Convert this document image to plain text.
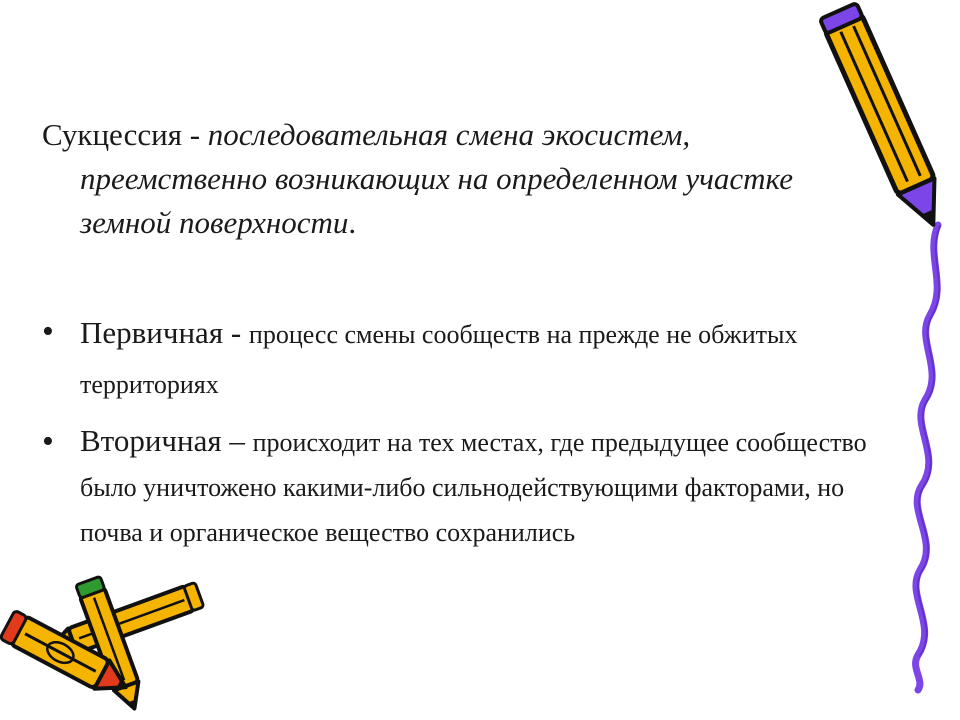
Сукцессия - последовательная смена экосистем, преемственно возникающих на определенном участке земной поверхности.
• Первичная - процесс смены сообществ на прежде не обжитых территориях
• Вторичная – происходит на тех местах, где предыдущее сообщество было уничтожено какими-либо сильнодействующими факторами, но почва и органическое вещество сохранились
